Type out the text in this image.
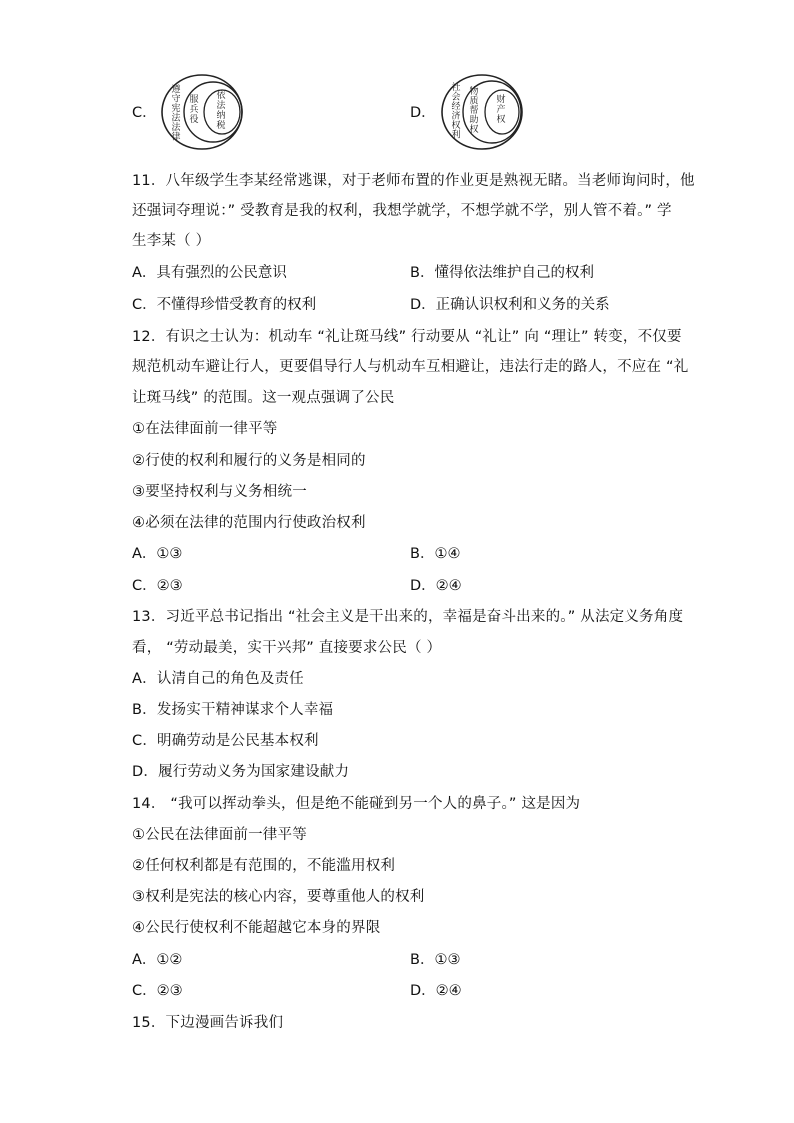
C．
遵
守
宪
法
法
律
服
兵
役
依
法
纳
税
D．
社
会
经
济
权
利
物
质
帮
助
权
财
产
权
11．八年级学生李某经常逃课，对于老师布置的作业更是熟视无睹。当老师询问时，他
还强词夺理说：” 受教育是我的权利，我想学就学，不想学就不学，别人管不着。” 学
生李某（ ）
A．具有强烈的公民意识	B．懂得依法维护自己的权利
C．不懂得珍惜受教育的权利	D．正确认识权利和义务的关系
12．有识之士认为：机动车 “礼让斑马线” 行动要从 “礼让” 向 “理让” 转变，不仅要
规范机动车避让行人，更要倡导行人与机动车互相避让，违法行走的路人，不应在 “礼
让斑马线” 的范围。这一观点强调了公民
①在法律面前一律平等
②行使的权利和履行的义务是相同的
③要坚持权利与义务相统一
④必须在法律的范围内行使政治权利
A．①③	B．①④
C．②③	D．②④
13．习近平总书记指出 “社会主义是干出来的，幸福是奋斗出来的。” 从法定义务角度
看， “劳动最美，实干兴邦” 直接要求公民（ ）
A．认清自己的角色及责任
B．发扬实干精神谋求个人幸福
C．明确劳动是公民基本权利
D．履行劳动义务为国家建设献力
14． “我可以挥动拳头，但是绝不能碰到另一个人的鼻子。” 这是因为
①公民在法律面前一律平等
②任何权利都是有范围的，不能滥用权利
③权利是宪法的核心内容，要尊重他人的权利
④公民行使权利不能超越它本身的界限
A．①②	B．①③
C．②③	D．②④
15．下边漫画告诉我们
